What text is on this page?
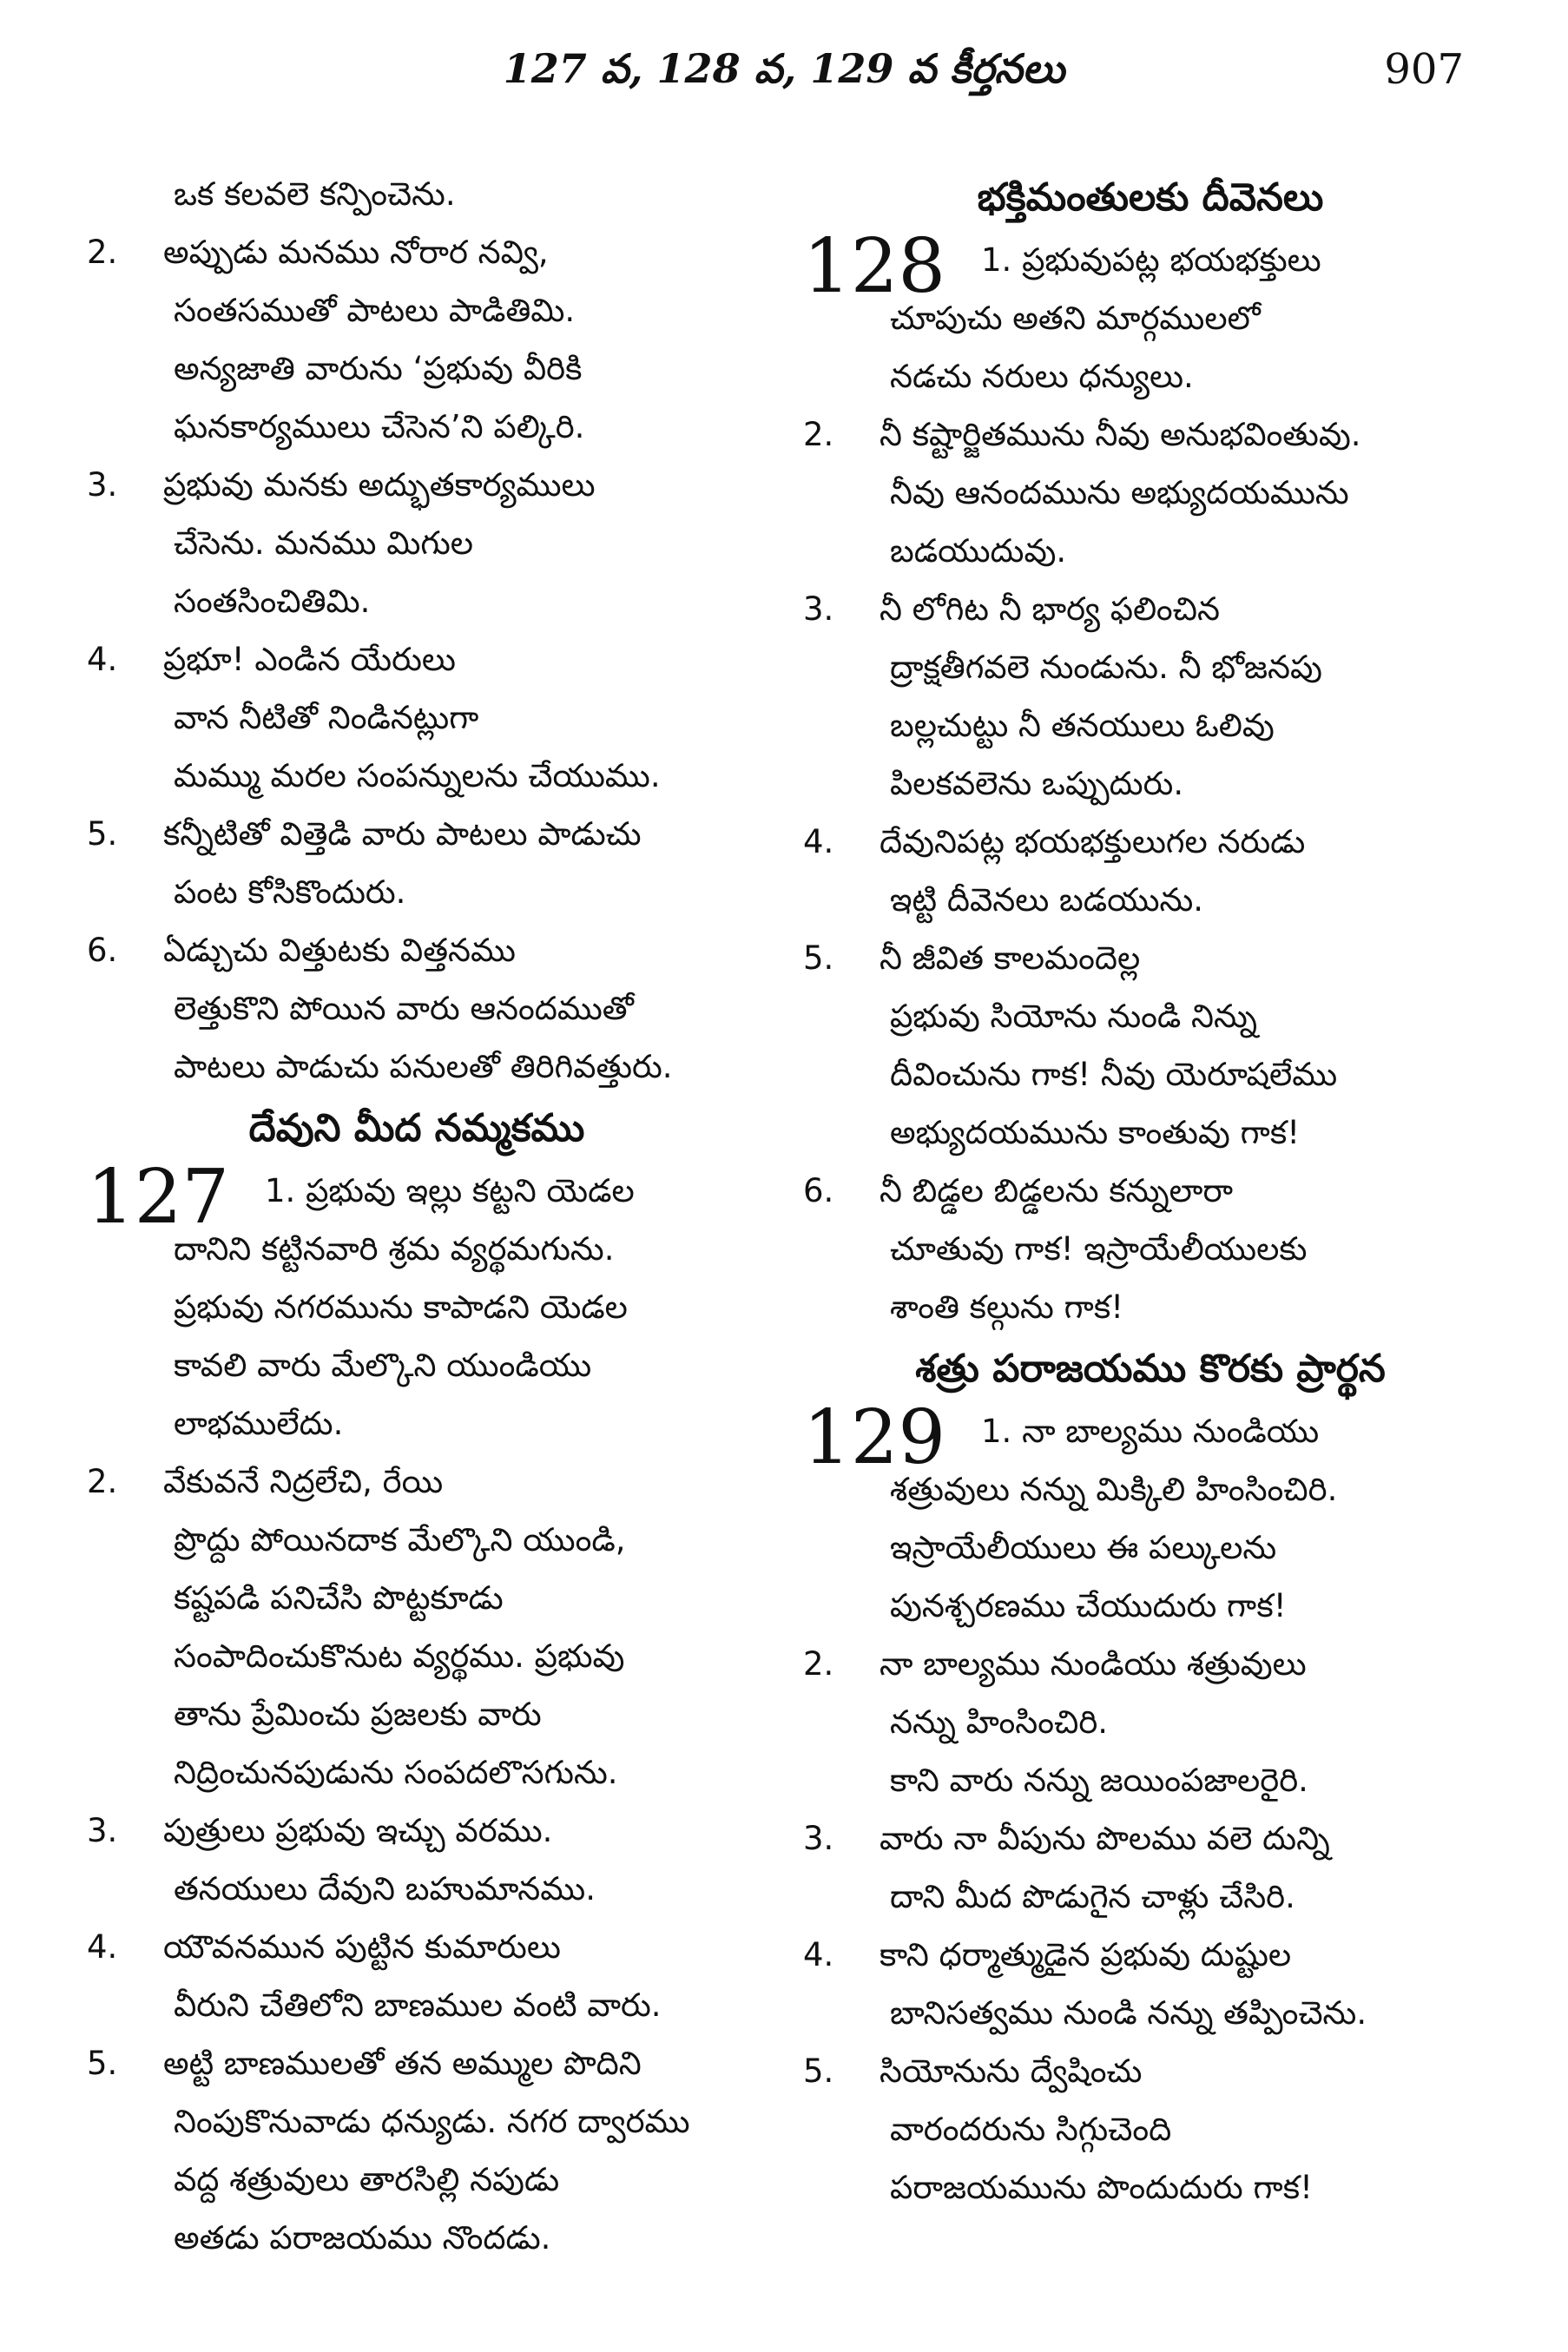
127 వ, 128 వ, 129 వ కీర్తనలు	907
ఒక కలవలె కన్పించెను.
2. అప్పుడు మనము నోరార నవ్వి,
సంతసముతో పాటలు పాడితిమి.
అన్యజాతి వారును ‘ప్రభువు వీరికి
ఘనకార్యములు చేసెన’ని పల్కిరి.
3. ప్రభువు మనకు అద్భుతకార్యములు
చేసెను. మనము మిగుల
సంతసించితిమి.
4. ప్రభూ! ఎండిన యేరులు
వాన నీటితో నిండినట్లుగా
మమ్ము మరల సంపన్నులను చేయుము.
5. కన్నీటితో విత్తెడి వారు పాటలు పాడుచు
పంట కోసికొందురు.
6. ఏడ్చుచు విత్తుటకు విత్తనము
లెత్తుకొని పోయిన వారు ఆనందముతో
పాటలు పాడుచు పనులతో తిరిగివత్తురు.
దేవుని మీద నమ్మకము
127 1. ప్రభువు ఇల్లు కట్టని యెడల
దానిని కట్టినవారి శ్రమ వ్యర్థమగును.
ప్రభువు నగరమును కాపాడని యెడల
కావలి వారు మేల్కొని యుండియు
లాభములేదు.
2. వేకువనే నిద్రలేచి, రేయి
ప్రొద్దు పోయినదాక మేల్కొని యుండి,
కష్టపడి పనిచేసి పొట్టకూడు
సంపాదించుకొనుట వ్యర్థము. ప్రభువు
తాను ప్రేమించు ప్రజలకు వారు
నిద్రించునపుడును సంపదలొసగును.
3. పుత్రులు ప్రభువు ఇచ్చు వరము.
తనయులు దేవుని బహుమానము.
4. యౌవనమున పుట్టిన కుమారులు
వీరుని చేతిలోని బాణముల వంటి వారు.
5. అట్టి బాణములతో తన అమ్ముల పొదిని
నింపుకొనువాడు ధన్యుడు. నగర ద్వారము
వద్ద శత్రువులు తారసిల్లి నపుడు
అతడు పరాజయము నొందడు.
భక్తిమంతులకు దీవెనలు
128 1. ప్రభువుపట్ల భయభక్తులు
చూపుచు అతని మార్గములలో
నడచు నరులు ధన్యులు.
2. నీ కష్టార్జితమును నీవు అనుభవింతువు.
నీవు ఆనందమును అభ్యుదయమును
బడయుదువు.
3. నీ లోగిట నీ భార్య ఫలించిన
ద్రాక్షతీగవలె నుండును. నీ భోజనపు
బల్లచుట్టు నీ తనయులు ఓలివు
పిలకవలెను ఒప్పుదురు.
4. దేవునిపట్ల భయభక్తులుగల నరుడు
ఇట్టి దీవెనలు బడయును.
5. నీ జీవిత కాలమందెల్ల
ప్రభువు సియోను నుండి నిన్ను
దీవించును గాక! నీవు యెరూషలేము
అభ్యుదయమును కాంతువు గాక!
6. నీ బిడ్డల బిడ్డలను కన్నులారా
చూతువు గాక! ఇస్రాయేలీయులకు
శాంతి కల్గును గాక!
శత్రు పరాజయము కొరకు ప్రార్థన
129 1. నా బాల్యము నుండియు
శత్రువులు నన్ను మిక్కిలి హింసించిరి.
ఇస్రాయేలీయులు ఈ పల్కులను
పునశ్చరణము చేయుదురు గాక!
2. నా బాల్యము నుండియు శత్రువులు
నన్ను హింసించిరి.
కాని వారు నన్ను జయింపజాలరైరి.
3. వారు నా వీపును పొలము వలె దున్ని
దాని మీద పొడుగైన చాళ్లు చేసిరి.
4. కాని ధర్మాత్ముడైన ప్రభువు దుష్టుల
బానిసత్వము నుండి నన్ను తప్పించెను.
5. సియోనును ద్వేషించు
వారందరును సిగ్గుచెంది
పరాజయమును పొందుదురు గాక!
